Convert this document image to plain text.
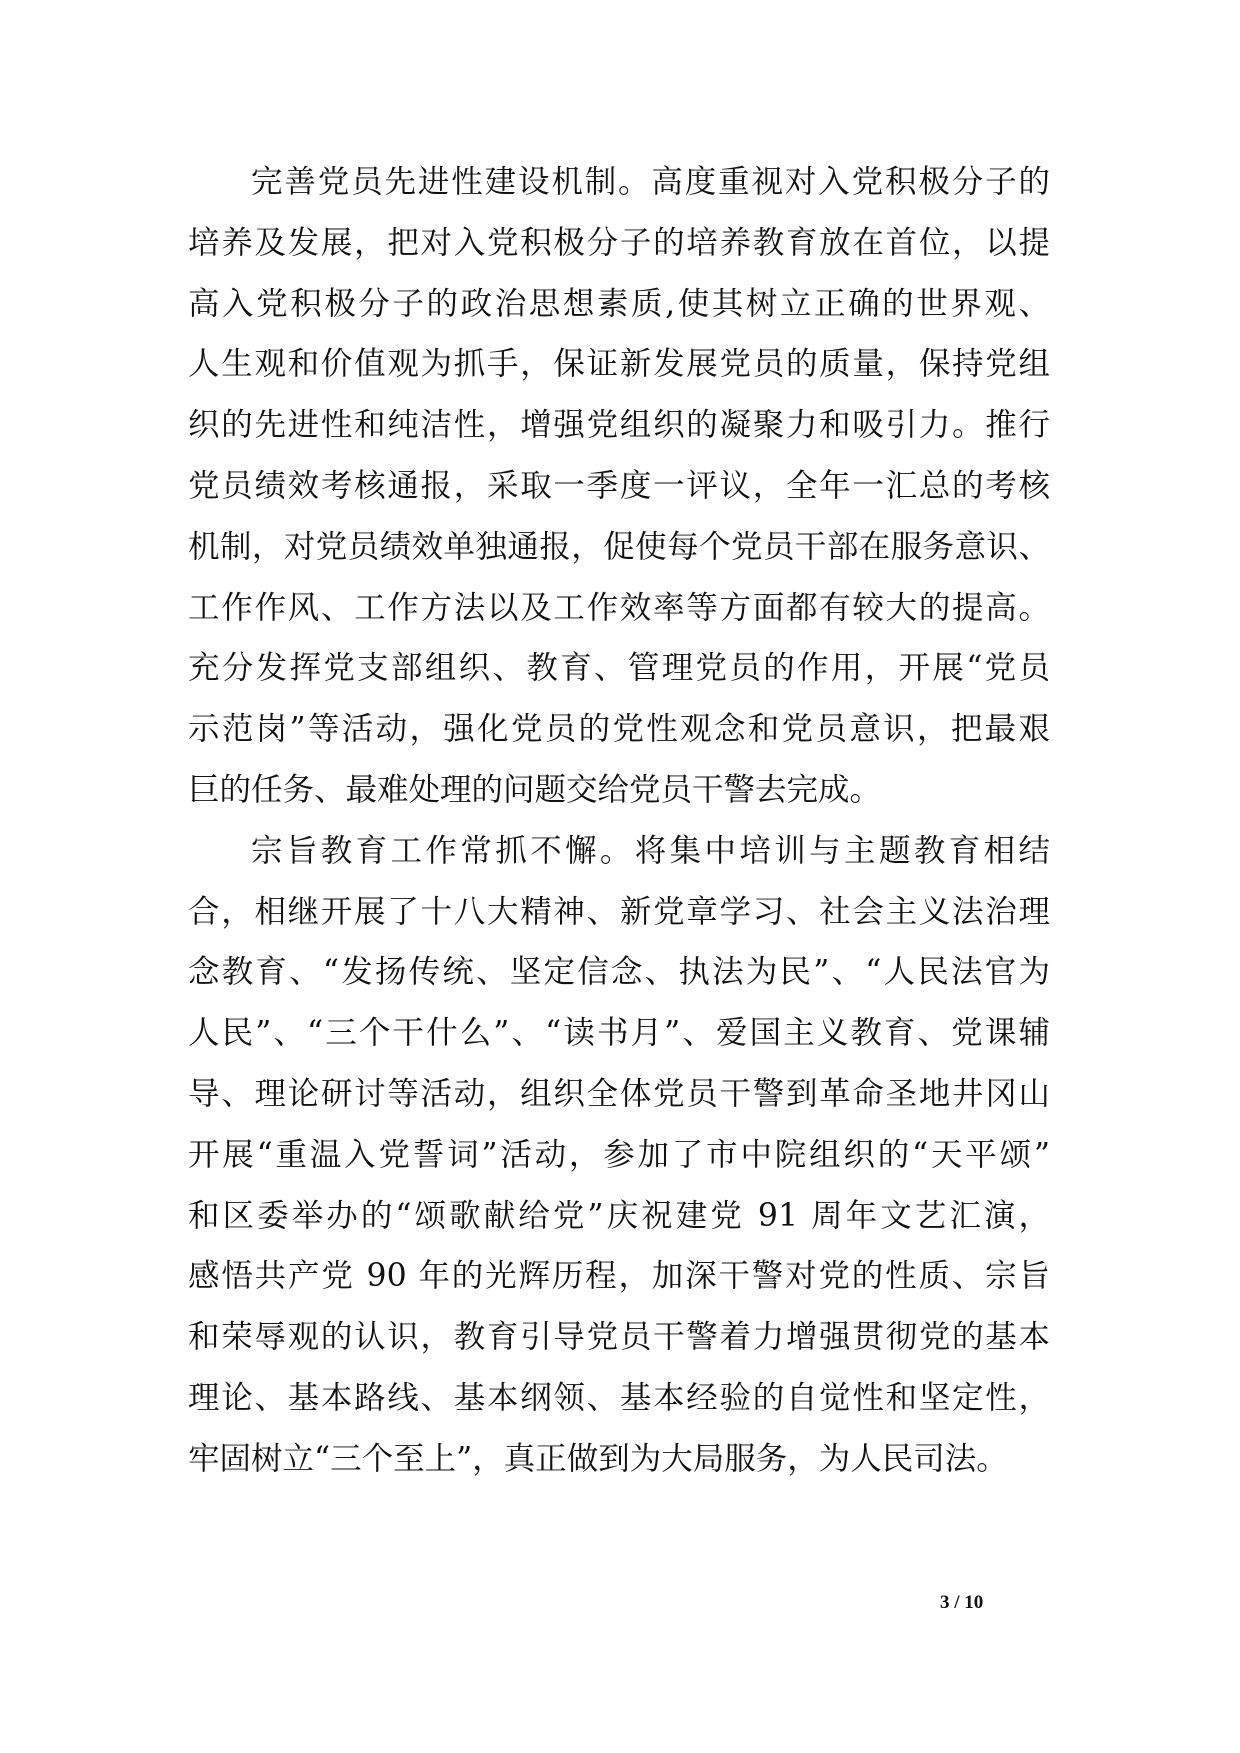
完善党员先进性建设机制。高度重视对入党积极分子的
培养及发展，把对入党积极分子的培养教育放在首位，以提
高入党积极分子的政治思想素质,使其树立正确的世界观、
人生观和价值观为抓手，保证新发展党员的质量，保持党组
织的先进性和纯洁性，增强党组织的凝聚力和吸引力。推行
党员绩效考核通报，采取一季度一评议，全年一汇总的考核
机制，对党员绩效单独通报，促使每个党员干部在服务意识、
工作作风、工作方法以及工作效率等方面都有较大的提高。
充分发挥党支部组织、教育、管理党员的作用，开展“党员
示范岗”等活动，强化党员的党性观念和党员意识，把最艰
巨的任务、最难处理的问题交给党员干警去完成。
宗旨教育工作常抓不懈。将集中培训与主题教育相结
合，相继开展了十八大精神、新党章学习、社会主义法治理
念教育、“发扬传统、坚定信念、执法为民”、“人民法官为
人民”、“三个干什么”、“读书月”、爱国主义教育、党课辅
导、理论研讨等活动，组织全体党员干警到革命圣地井冈山
开展“重温入党誓词”活动，参加了市中院组织的“天平颂”
和区委举办的“颂歌献给党”庆祝建党 91 周年文艺汇演，
感悟共产党 90 年的光辉历程，加深干警对党的性质、宗旨
和荣辱观的认识，教育引导党员干警着力增强贯彻党的基本
理论、基本路线、基本纲领、基本经验的自觉性和坚定性，
牢固树立“三个至上”，真正做到为大局服务，为人民司法。
3 / 10
